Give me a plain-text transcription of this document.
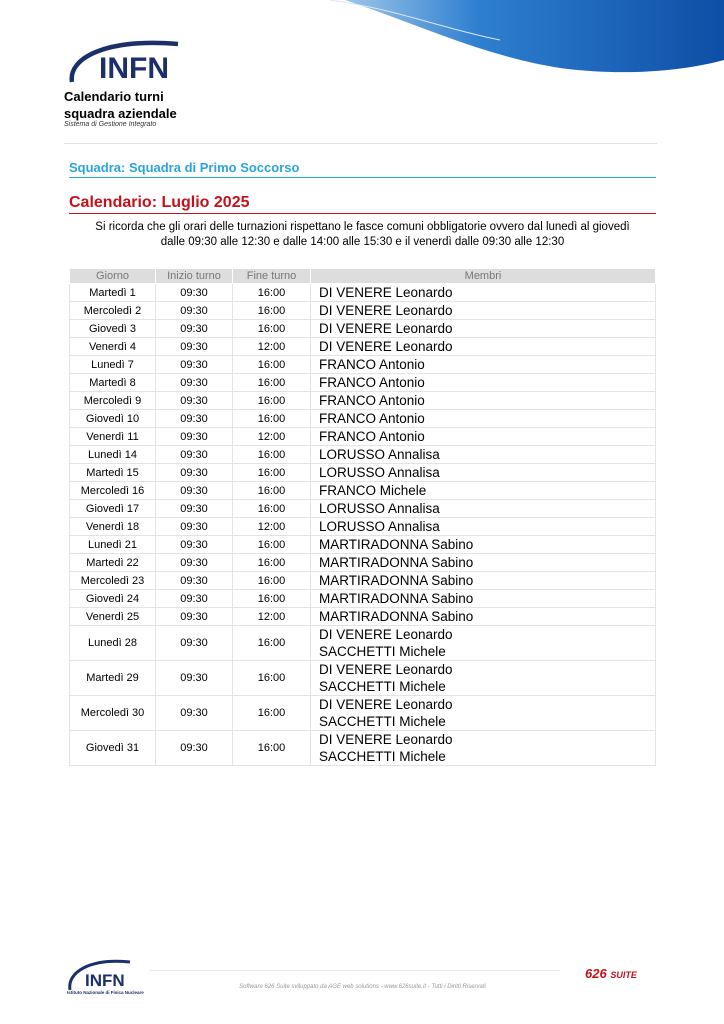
INFN
Calendario turni
squadra aziendale
Sistema di Gestione Integrato
Squadra: Squadra di Primo Soccorso
Calendario: Luglio 2025
Si ricorda che gli orari delle turnazioni rispettano le fasce comuni obbligatorie ovvero dal lunedì al giovedì
dalle 09:30 alle 12:30 e dalle 14:00 alle 15:30 e il venerdì dalle 09:30 alle 12:30
Giorno	Inizio turno	Fine turno	Membri
Martedì 1	09:30	16:00	DI VENERE Leonardo

Mercoledì 2	09:30	16:00	DI VENERE Leonardo

Giovedì 3	09:30	16:00	DI VENERE Leonardo

Venerdì 4	09:30	12:00	DI VENERE Leonardo

Lunedì 7	09:30	16:00	FRANCO Antonio

Martedì 8	09:30	16:00	FRANCO Antonio

Mercoledì 9	09:30	16:00	FRANCO Antonio

Giovedì 10	09:30	16:00	FRANCO Antonio

Venerdì 11	09:30	12:00	FRANCO Antonio

Lunedì 14	09:30	16:00	LORUSSO Annalisa

Martedì 15	09:30	16:00	LORUSSO Annalisa

Mercoledì 16	09:30	16:00	FRANCO Michele

Giovedì 17	09:30	16:00	LORUSSO Annalisa

Venerdì 18	09:30	12:00	LORUSSO Annalisa

Lunedì 21	09:30	16:00	MARTIRADONNA Sabino

Martedì 22	09:30	16:00	MARTIRADONNA Sabino

Mercoledì 23	09:30	16:00	MARTIRADONNA Sabino

Giovedì 24	09:30	16:00	MARTIRADONNA Sabino

Venerdì 25	09:30	12:00	MARTIRADONNA Sabino

Lunedì 28	09:30	16:00	DI VENERE Leonardo
SACCHETTI Michele

Martedì 29	09:30	16:00	DI VENERE Leonardo
SACCHETTI Michele

Mercoledì 30	09:30	16:00	DI VENERE Leonardo
SACCHETTI Michele

Giovedì 31	09:30	16:00	DI VENERE Leonardo
SACCHETTI Michele
INFN
Istituto Nazionale di Fisica Nucleare
Software 626 Suite sviluppato da AGE web solutions - www.626suite.it - Tutti i Diritti Riservati
626 SUITE
